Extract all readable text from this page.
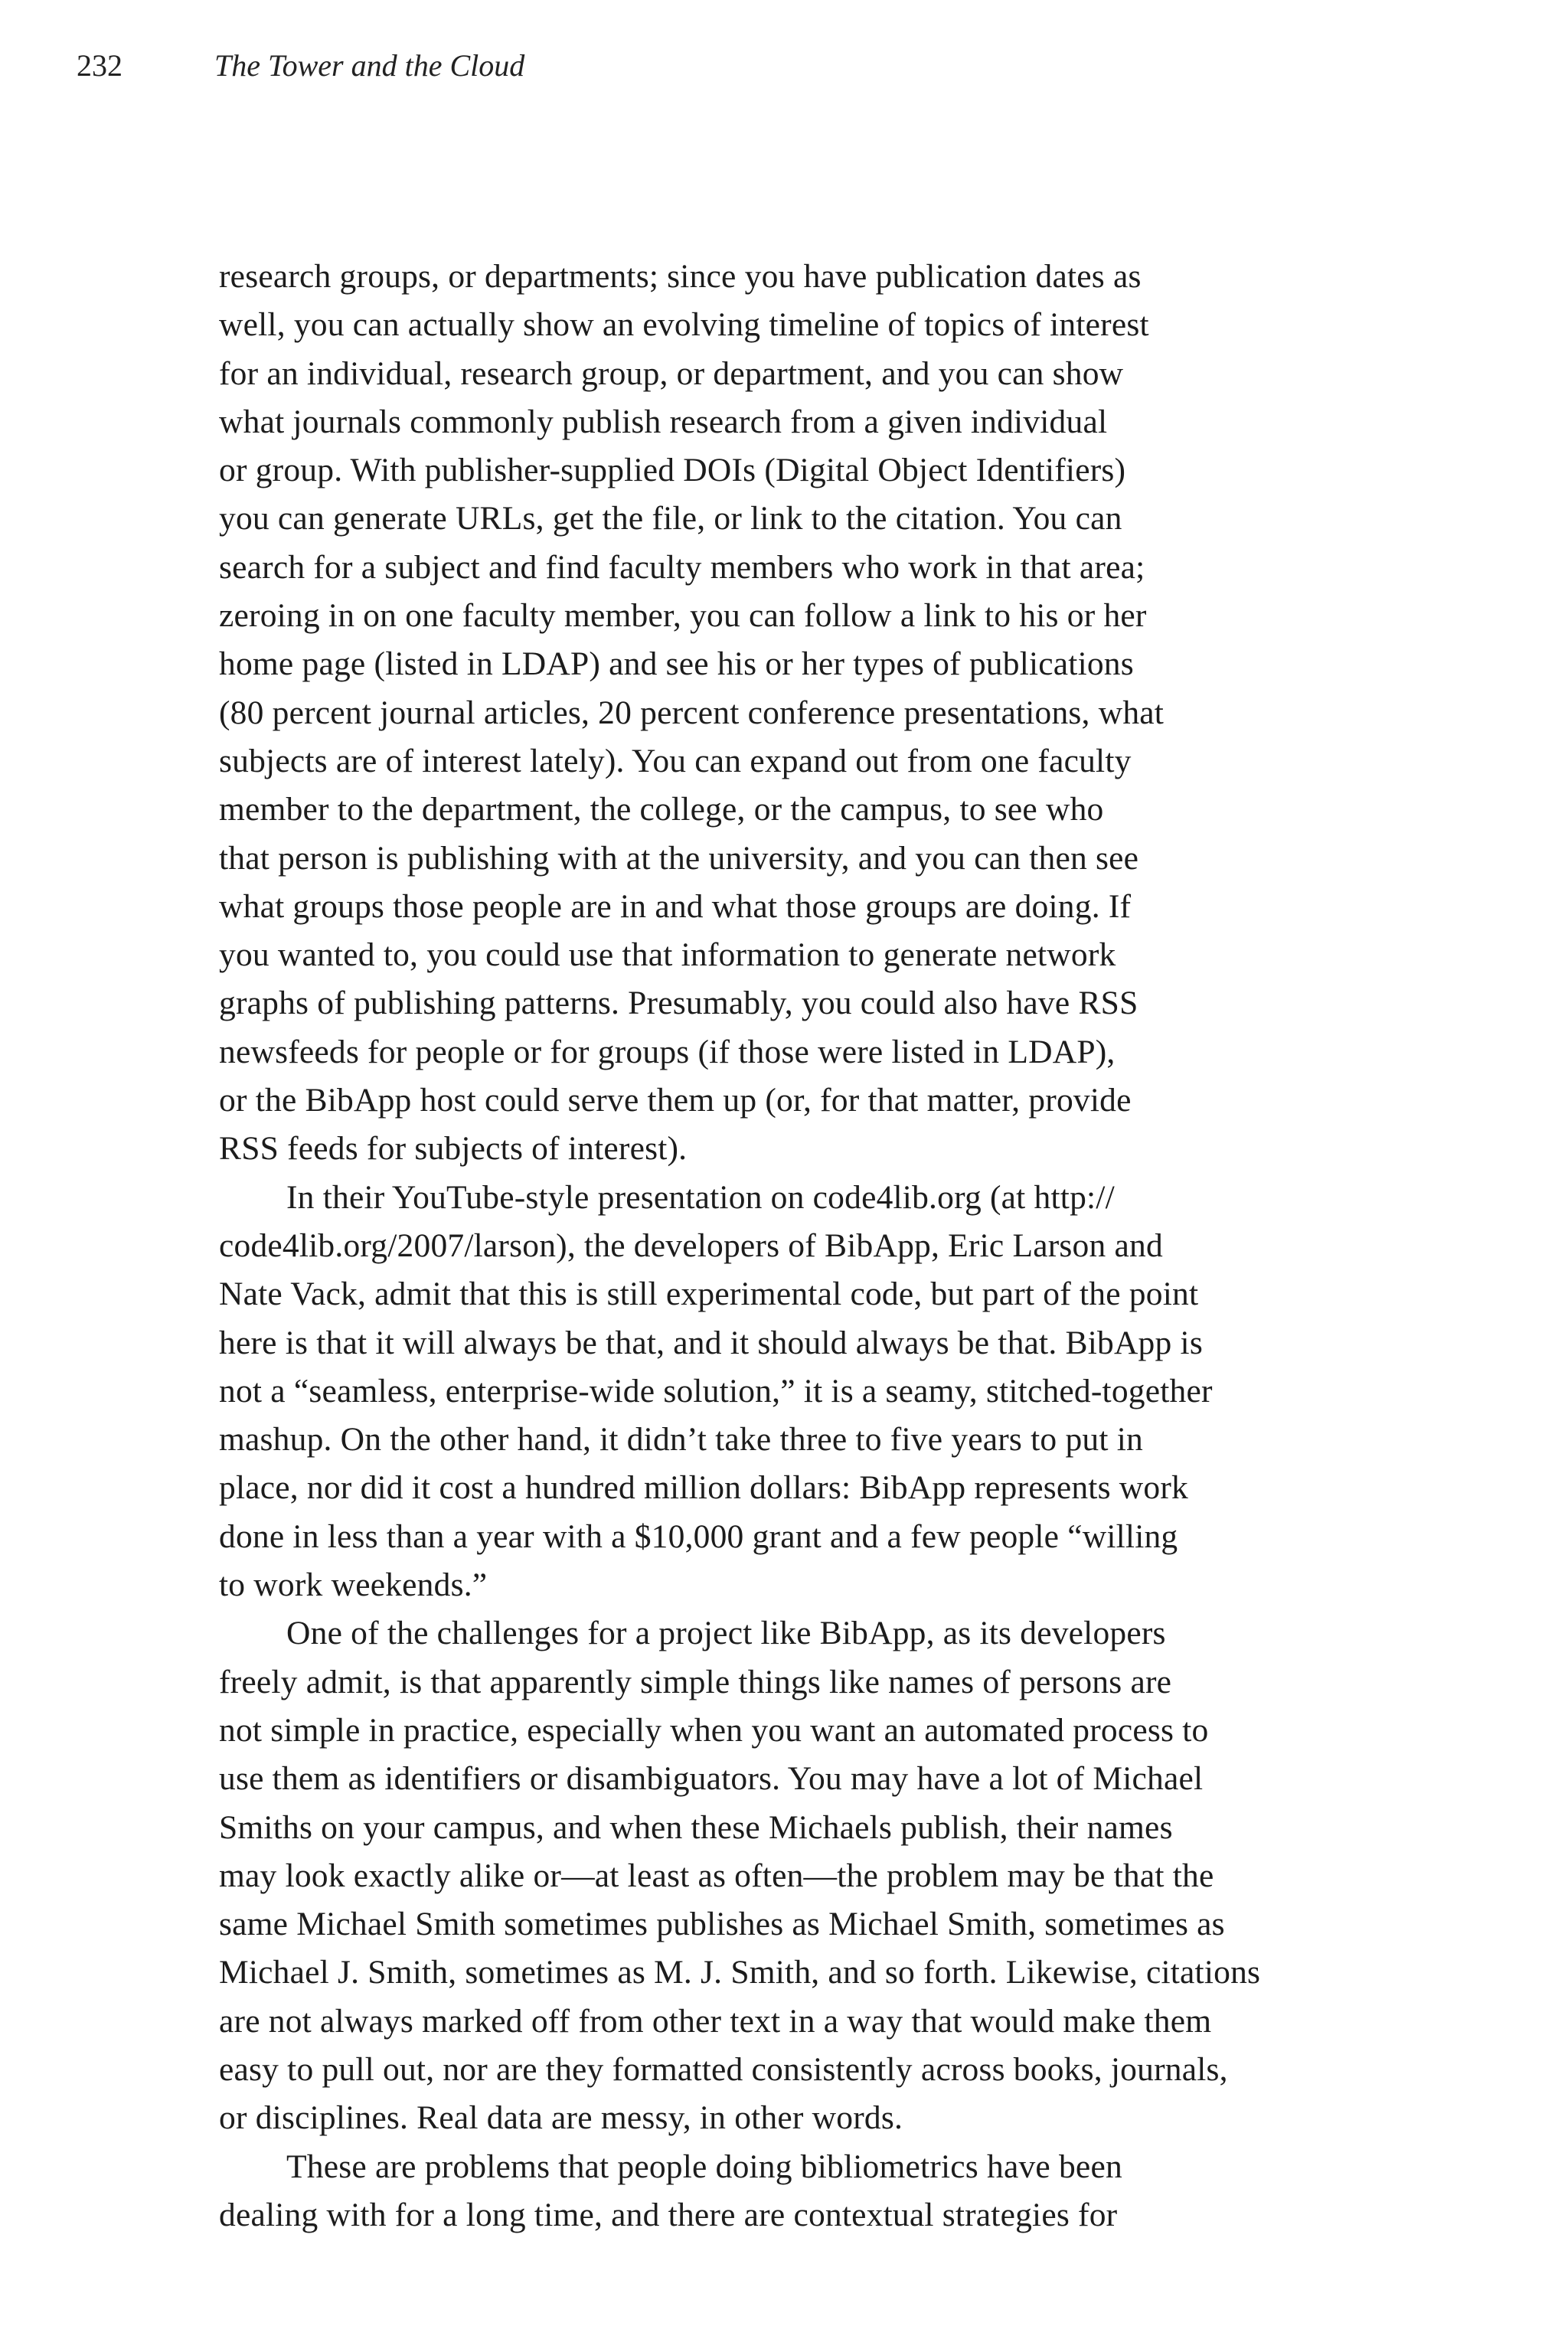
232	The Tower and the Cloud
research groups, or departments; since you have publication dates as
well, you can actually show an evolving timeline of topics of interest
for an individual, research group, or department, and you can show
what journals commonly publish research from a given individual
or group. With publisher-supplied DOIs (Digital Object Identifiers)
you can generate URLs, get the file, or link to the citation. You can
search for a subject and find faculty members who work in that area;
zeroing in on one faculty member, you can follow a link to his or her
home page (listed in LDAP) and see his or her types of publications
(80 percent journal articles, 20 percent conference presentations, what
subjects are of interest lately). You can expand out from one faculty
member to the department, the college, or the campus, to see who
that person is publishing with at the university, and you can then see
what groups those people are in and what those groups are doing. If
you wanted to, you could use that information to generate network
graphs of publishing patterns. Presumably, you could also have RSS
newsfeeds for people or for groups (if those were listed in LDAP),
or the BibApp host could serve them up (or, for that matter, provide
RSS feeds for subjects of interest).
In their YouTube-style presentation on code4lib.org (at http://
code4lib.org/2007/larson), the developers of BibApp, Eric Larson and
Nate Vack, admit that this is still experimental code, but part of the point
here is that it will always be that, and it should always be that. BibApp is
not a “seamless, enterprise-wide solution,” it is a seamy, stitched-together
mashup. On the other hand, it didn’t take three to five years to put in
place, nor did it cost a hundred million dollars: BibApp represents work
done in less than a year with a $10,000 grant and a few people “willing
to work weekends.”
One of the challenges for a project like BibApp, as its developers
freely admit, is that apparently simple things like names of persons are
not simple in practice, especially when you want an automated process to
use them as identifiers or disambiguators. You may have a lot of Michael
Smiths on your campus, and when these Michaels publish, their names
may look exactly alike or—at least as often—the problem may be that the
same Michael Smith sometimes publishes as Michael Smith, sometimes as
Michael J. Smith, sometimes as M. J. Smith, and so forth. Likewise, citations
are not always marked off from other text in a way that would make them
easy to pull out, nor are they formatted consistently across books, journals,
or disciplines. Real data are messy, in other words.
These are problems that people doing bibliometrics have been
dealing with for a long time, and there are contextual strategies for
